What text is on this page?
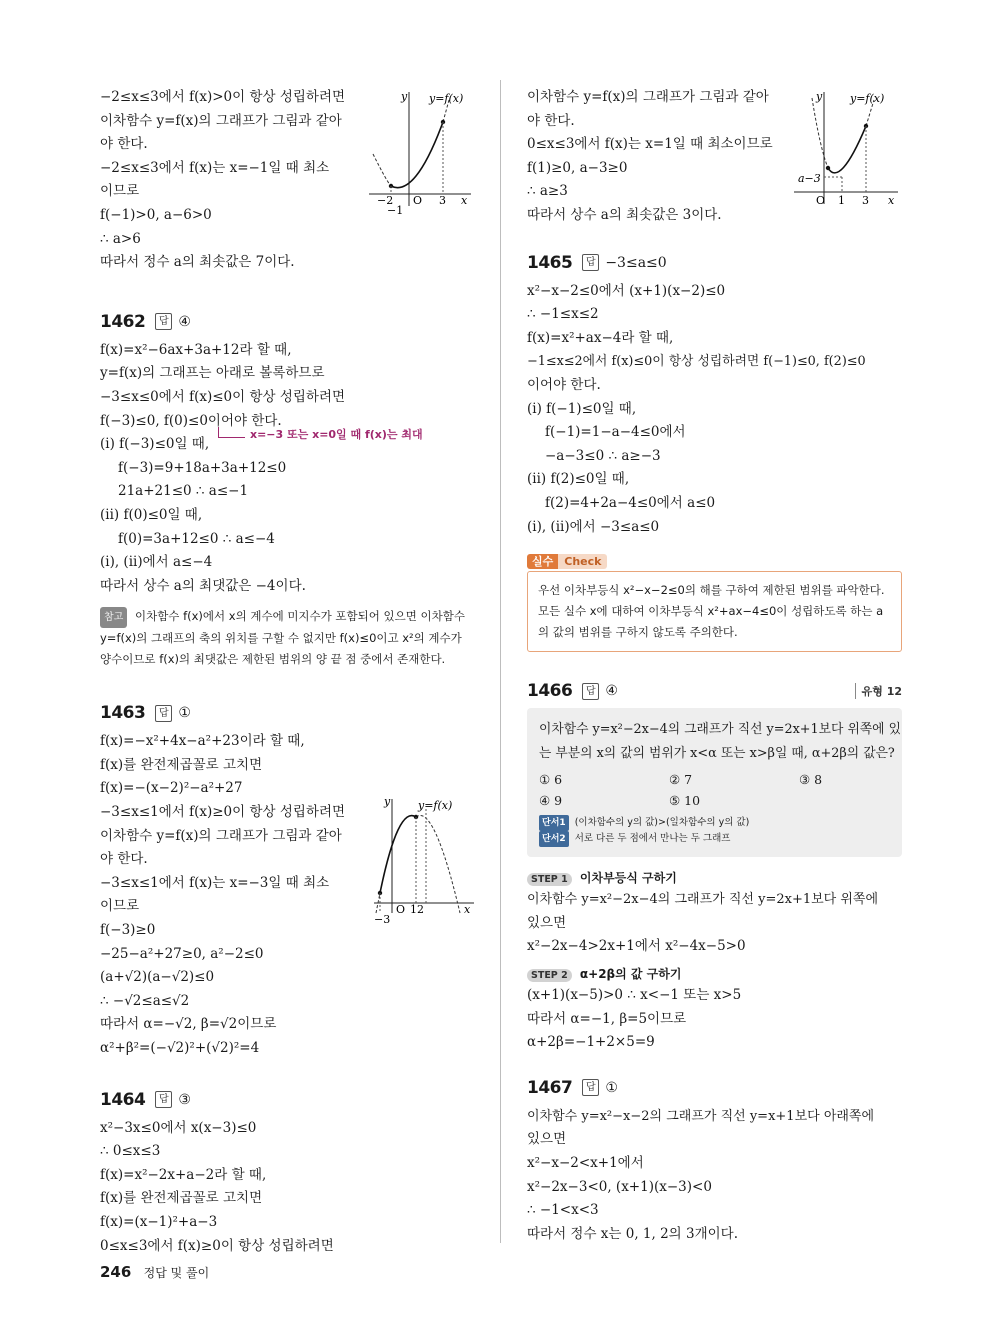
−2≤x≤3에서 f(x)>0이 항상 성립하려면
이차함수 y=f(x)의 그래프가 그림과 같아
야 한다.
−2≤x≤3에서 f(x)는 x=−1일 때 최소
이므로
f(−1)>0, a−6>0
∴ a>6
따라서 정수 a의 최솟값은 7이다.
1462	답 ④
f(x)=x²−6ax+3a+12라 할 때,
y=f(x)의 그래프는 아래로 볼록하므로
−3≤x≤0에서 f(x)≤0이 항상 성립하려면
f(−3)≤0, f(0)≤0이어야 한다.
(i) f(−3)≤0일 때,
x=−3 또는 x=0일 때 f(x)는 최대
f(−3)=9+18a+3a+12≤0
21a+21≤0 ∴ a≤−1
(ii) f(0)≤0일 때,
f(0)=3a+12≤0 ∴ a≤−4
(i), (ii)에서 a≤−4
따라서 상수 a의 최댓값은 −4이다.
참고 이차함수 f(x)에서 x의 계수에 미지수가 포함되어 있으면 이차함수 y=f(x)의 그래프의 축의 위치를 구할 수 없지만 f(x)≤0이고 x²의 계수가 양수이므로 f(x)의 최댓값은 제한된 범위의 양 끝 점 중에서 존재한다.
1463	답 ①
f(x)=−x²+4x−a²+23이라 할 때,
f(x)를 완전제곱꼴로 고치면
f(x)=−(x−2)²−a²+27
−3≤x≤1에서 f(x)≥0이 항상 성립하려면
이차함수 y=f(x)의 그래프가 그림과 같아
야 한다.
−3≤x≤1에서 f(x)는 x=−3일 때 최소
이므로
f(−3)≥0
−25−a²+27≥0, a²−2≤0
(a+√2)(a−√2)≤0
∴ −√2≤a≤√2
따라서 α=−√2, β=√2이므로
α²+β²=(−√2)²+(√2)²=4
1464	답 ③
x²−3x≤0에서 x(x−3)≤0
∴ 0≤x≤3
f(x)=x²−2x+a−2라 할 때,
f(x)를 완전제곱꼴로 고치면
f(x)=(x−1)²+a−3
0≤x≤3에서 f(x)≥0이 항상 성립하려면
y y=f(x)
−2
−1
O 3 x
y	y=f(x)
O 12
−3
x
이차함수 y=f(x)의 그래프가 그림과 같아
야 한다.
0≤x≤3에서 f(x)는 x=1일 때 최소이므로
f(1)≥0, a−3≥0
∴ a≥3
따라서 상수 a의 최솟값은 3이다.
1465	답 −3≤a≤0
x²−x−2≤0에서 (x+1)(x−2)≤0
∴ −1≤x≤2
f(x)=x²+ax−4라 할 때,
−1≤x≤2에서 f(x)≤0이 항상 성립하려면 f(−1)≤0, f(2)≤0
이어야 한다.
(i) f(−1)≤0일 때,
f(−1)=1−a−4≤0에서
−a−3≤0 ∴ a≥−3
(ii) f(2)≤0일 때,
f(2)=4+2a−4≤0에서 a≤0
(i), (ii)에서 −3≤a≤0
실수 Check
우선 이차부등식 x²−x−2≤0의 해를 구하여 제한된 범위를 파악한다. 모든 실수 x에 대하여 이차부등식 x²+ax−4≤0이 성립하도록 하는 a의 값의 범위를 구하지 않도록 주의한다.
1466	답 ④	유형 12
이차함수 y=x²−2x−4의 그래프가 직선 y=2x+1보다 위쪽에 있
는 부분의 x의 값의 범위가 x<α 또는 x>β일 때, α+2β의 값은?
① 6	② 7	③ 8
④ 9	⑤ 10
단서1 (이차함수의 y의 값)>(일차함수의 y의 값)
단서2 서로 다른 두 점에서 만나는 두 그래프
STEP 1 이차부등식 구하기
이차함수 y=x²−2x−4의 그래프가 직선 y=2x+1보다 위쪽에
있으면
x²−2x−4>2x+1에서 x²−4x−5>0
STEP 2 α+2β의 값 구하기
(x+1)(x−5)>0 ∴ x<−1 또는 x>5
따라서 α=−1, β=5이므로
α+2β=−1+2×5=9
1467	답 ①
이차함수 y=x²−x−2의 그래프가 직선 y=x+1보다 아래쪽에
있으면
x²−x−2<x+1에서
x²−2x−3<0, (x+1)(x−3)<0
∴ −1<x<3
따라서 정수 x는 0, 1, 2의 3개이다.
y	y=f(x)
a−3
O 1 3 x
246 정답 및 풀이
